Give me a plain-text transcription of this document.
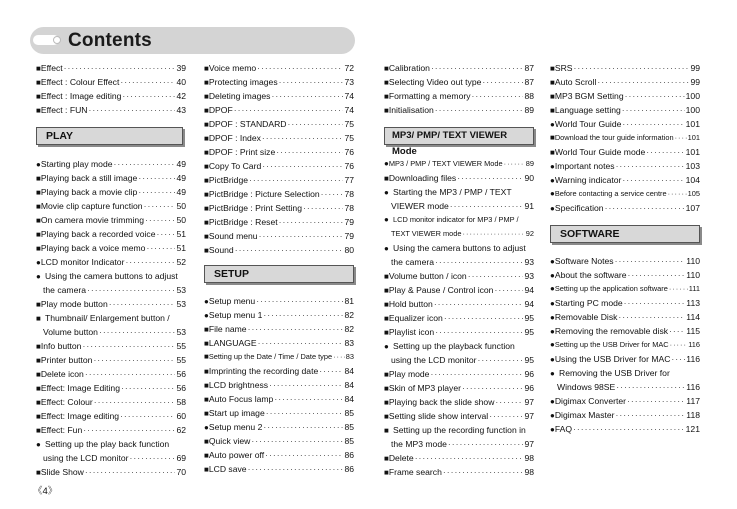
Contents
■ Effect ·····	39
■ Effect : Colour Effect ·····	40
■ Effect : Image editing ·····	42
■ Effect : FUN ·····	43
● Starting play mode ·····	49
■ Playing back a still image ·····	49
■ Playing back a movie clip ·····	49
■ Movie clip capture function ·····	50
■ On camera movie trimming ·····	50
■ Playing back a recorded voice ····· 51
■ Playing back a voice memo ·····	51
● LCD monitor Indicator ·····	52
● Using the camera buttons to adjust
the camera ·····	53
■ Play mode button ·····	53
■ Thumbnail/ Enlargement button /
Volume button ·····	53
■ Info button ·····	55
■ Printer button ·····	55
■ Delete icon ·····	56
■ Effect: Image Editing ·····	56
■ Effect: Colour ·····	58
■ Effect: Image editing ·····	60
■ Effect: Fun ·····	62
● Setting up the play back function
using the LCD monitor ·····	69
■ Slide Show ·····	70
■ Voice memo ·····	72
■ Protecting images ·····	73
■ Deleting images ·····	74
■ DPOF ·····	74
■ DPOF : STANDARD ·····	75
■ DPOF : Index ·····	75
■ DPOF : Print size ·····	76
■ Copy To Card ·····	76
■ PictBridge ·····	77
■ PictBridge : Picture Selection ·····	78
■ PictBridge : Print Setting ·····	78
■ PictBridge : Reset ·····	79
■ Sound menu ·····	79
■ Sound ·····	80
● Setup menu ·····	81
● Setup menu 1 ·····	82
■ File name ·····	82
■ LANGUAGE ·····	83
■ Setting up the Date / Time / Date type ····· 83
■ Imprinting the recording date ·····	84
■ LCD brightness ·····	84
■ Auto Focus lamp ·····	84
■ Start up image ·····	85
● Setup menu 2 ·····	85
■ Quick view ·····	85
■ Auto power off ·····	86
■ LCD save ·····	86
■ Calibration ·····	87
■ Selecting Video out type ·····	87
■ Formatting a memory ·····	88
■ Initialisation ·····	89
● MP3 / PMP / TEXT VIEWER Mode ·····	89
■ Downloading files ·····	90
● Starting the MP3 / PMP / TEXT
VIEWER mode ·····	91
● LCD monitor indicator for MP3 / PMP /
TEXT VIEWER mode ·····	92
● Using the camera buttons to adjust
the camera ·····	93
■ Volume button / icon ·····	93
■ Play & Pause / Control icon ·····	94
■ Hold button ·····	94
■ Equalizer icon ·····	95
■ Playlist icon ·····	95
● Setting up the playback function
using the LCD monitor ·····	95
■ Play mode ·····	96
■ Skin of MP3 player ·····	96
■ Playing back the slide show ·····	97
■ Setting slide show interval ·····	97
■ Setting up the recording function in
the MP3 mode ·····	97
■ Delete ·····	98
■ Frame search ·····	98
■ SRS ·····	99
■ Auto Scroll ·····	99
■ MP3 BGM Setting ·····	100
■ Language setting ·····	100
● World Tour Guide ·····	101
■ Download the tour guide information ····· 101
■ World Tour Guide mode ·····	101
● Important notes ·····	103
● Warning indicator ·····	104
● Before contacting a service centre ·····	105
● Specification ·····	107
● Software Notes ·····	110
● About the software ·····	110
● Setting up the application software ·····	111
● Starting PC mode ·····	113
● Removable Disk ·····	114
● Removing the removable disk ····· 115
● Setting up the USB Driver for MAC ·····	116
● Using the USB Driver for MAC ····· 116
● Removing the USB Driver for
Windows 98SE ·····	116
● Digimax Converter ·····	117
● Digimax Master ·····	118
● FAQ ·····	121
PLAY
SETUP
MP3/ PMP/ TEXT VIEWER Mode
SOFTWARE
《4》
